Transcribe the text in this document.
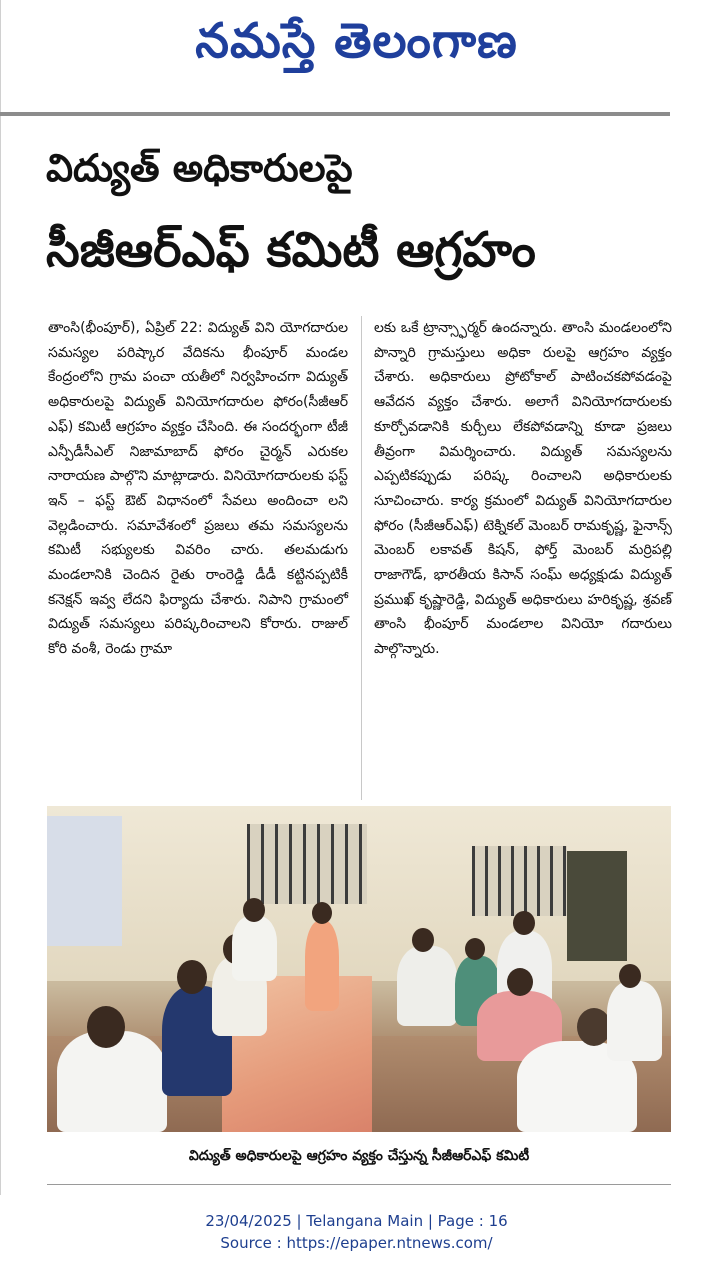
నమస్తే తెలంగాణ
విద్యుత్ అధికారులపై
సీజీఆర్ఎఫ్ కమిటీ ఆగ్రహం
తాంసి(భీంపూర్), ఏప్రిల్ 22: విద్యుత్ విని యోగదారుల సమస్యల పరిష్కార వేదికను భీంపూర్ మండల కేంద్రంలోని గ్రామ పంచా యతీలో నిర్వహించగా విద్యుత్ అధికారులపై విద్యుత్ వినియోగదారుల ఫోరం(సీజీఆర్ ఎఫ్) కమిటీ ఆగ్రహం వ్యక్తం చేసింది. ఈ సందర్భంగా టీజీ ఎన్పీడీసీఎల్ నిజామాబాద్ ఫోరం చైర్మన్ ఎరుకల నారాయణ పాల్గొని మాట్లాడారు. వినియోగదారులకు ఫస్ట్ ఇన్ – ఫస్ట్ ఔట్ విధానంలో సేవలు అందించా లని వెల్లడించారు. సమావేశంలో ప్రజలు తమ సమస్యలను కమిటీ సభ్యులకు వివరిం చారు. తలమడుగు మండలానికి చెందిన రైతు రాంరెడ్డి డీడీ కట్టినప్పటికీ కనెక్షన్ ఇవ్వ లేదని ఫిర్యాదు చేశారు. నిపాని గ్రామంలో విద్యుత్ సమస్యలు పరిష్కరించాలని కోరారు. రాజుల్ కోరి వంశీ, రెండు గ్రామా
లకు ఒకే ట్రాన్స్ఫార్మర్ ఉందన్నారు. తాంసి మండలంలోని పొన్నారి గ్రామస్తులు అధికా రులపై ఆగ్రహం వ్యక్తం చేశారు. అధికారులు ప్రోటోకాల్ పాటించకపోవడంపై ఆవేదన వ్యక్తం చేశారు. అలాగే వినియోగదారులకు కూర్చోవడానికి కుర్చీలు లేకపోవడాన్ని కూడా ప్రజలు తీవ్రంగా విమర్శించారు. విద్యుత్ సమస్యలను ఎప్పటికప్పుడు పరిష్క రించాలని అధికారులకు సూచించారు. కార్య క్రమంలో విద్యుత్ వినియోగదారుల ఫోరం (సీజీఆర్ఎఫ్) టెక్నికల్ మెంబర్ రామకృష్ణ, ఫైనాన్స్ మెంబర్ లకావత్ కిషన్, ఫోర్త్ మెంబర్ మర్రిపల్లి రాజాగౌడ్, భారతీయ కిసాన్ సంఘ్ అధ్యక్షుడు విద్యుత్ ప్రముఖ్ కృష్ణారెడ్డి, విద్యుత్ అధికారులు హరికృష్ణ, శ్రవణ్ తాంసి భీంపూర్ మండలాల వినియో గదారులు పాల్గొన్నారు.
విద్యుత్ అధికారులపై ఆగ్రహం వ్యక్తం చేస్తున్న సీజీఆర్ఎఫ్ కమిటీ
23/04/2025 | Telangana Main | Page : 16
Source : https://epaper.ntnews.com/
